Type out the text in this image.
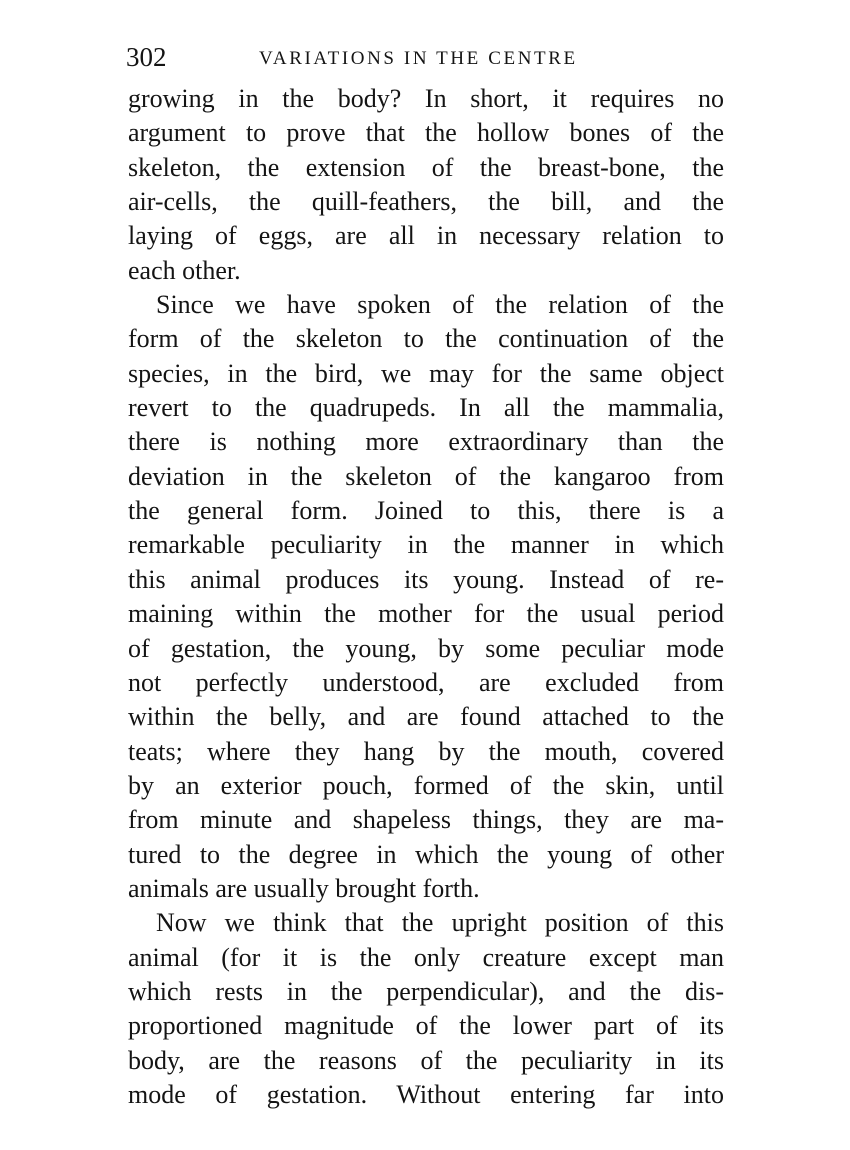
302	VARIATIONS IN THE CENTRE
growing in the body? In short, it requires no
argument to prove that the hollow bones of the
skeleton, the extension of the breast-bone, the
air-cells, the quill-feathers, the bill, and the
laying of eggs, are all in necessary relation to
each other.
Since we have spoken of the relation of the
form of the skeleton to the continuation of the
species, in the bird, we may for the same object
revert to the quadrupeds. In all the mammalia,
there is nothing more extraordinary than the
deviation in the skeleton of the kangaroo from
the general form. Joined to this, there is a
remarkable peculiarity in the manner in which
this animal produces its young. Instead of re-
maining within the mother for the usual period
of gestation, the young, by some peculiar mode
not perfectly understood, are excluded from
within the belly, and are found attached to the
teats; where they hang by the mouth, covered
by an exterior pouch, formed of the skin, until
from minute and shapeless things, they are ma-
tured to the degree in which the young of other
animals are usually brought forth.
Now we think that the upright position of this
animal (for it is the only creature except man
which rests in the perpendicular), and the dis-
proportioned magnitude of the lower part of its
body, are the reasons of the peculiarity in its
mode of gestation. Without entering far into
